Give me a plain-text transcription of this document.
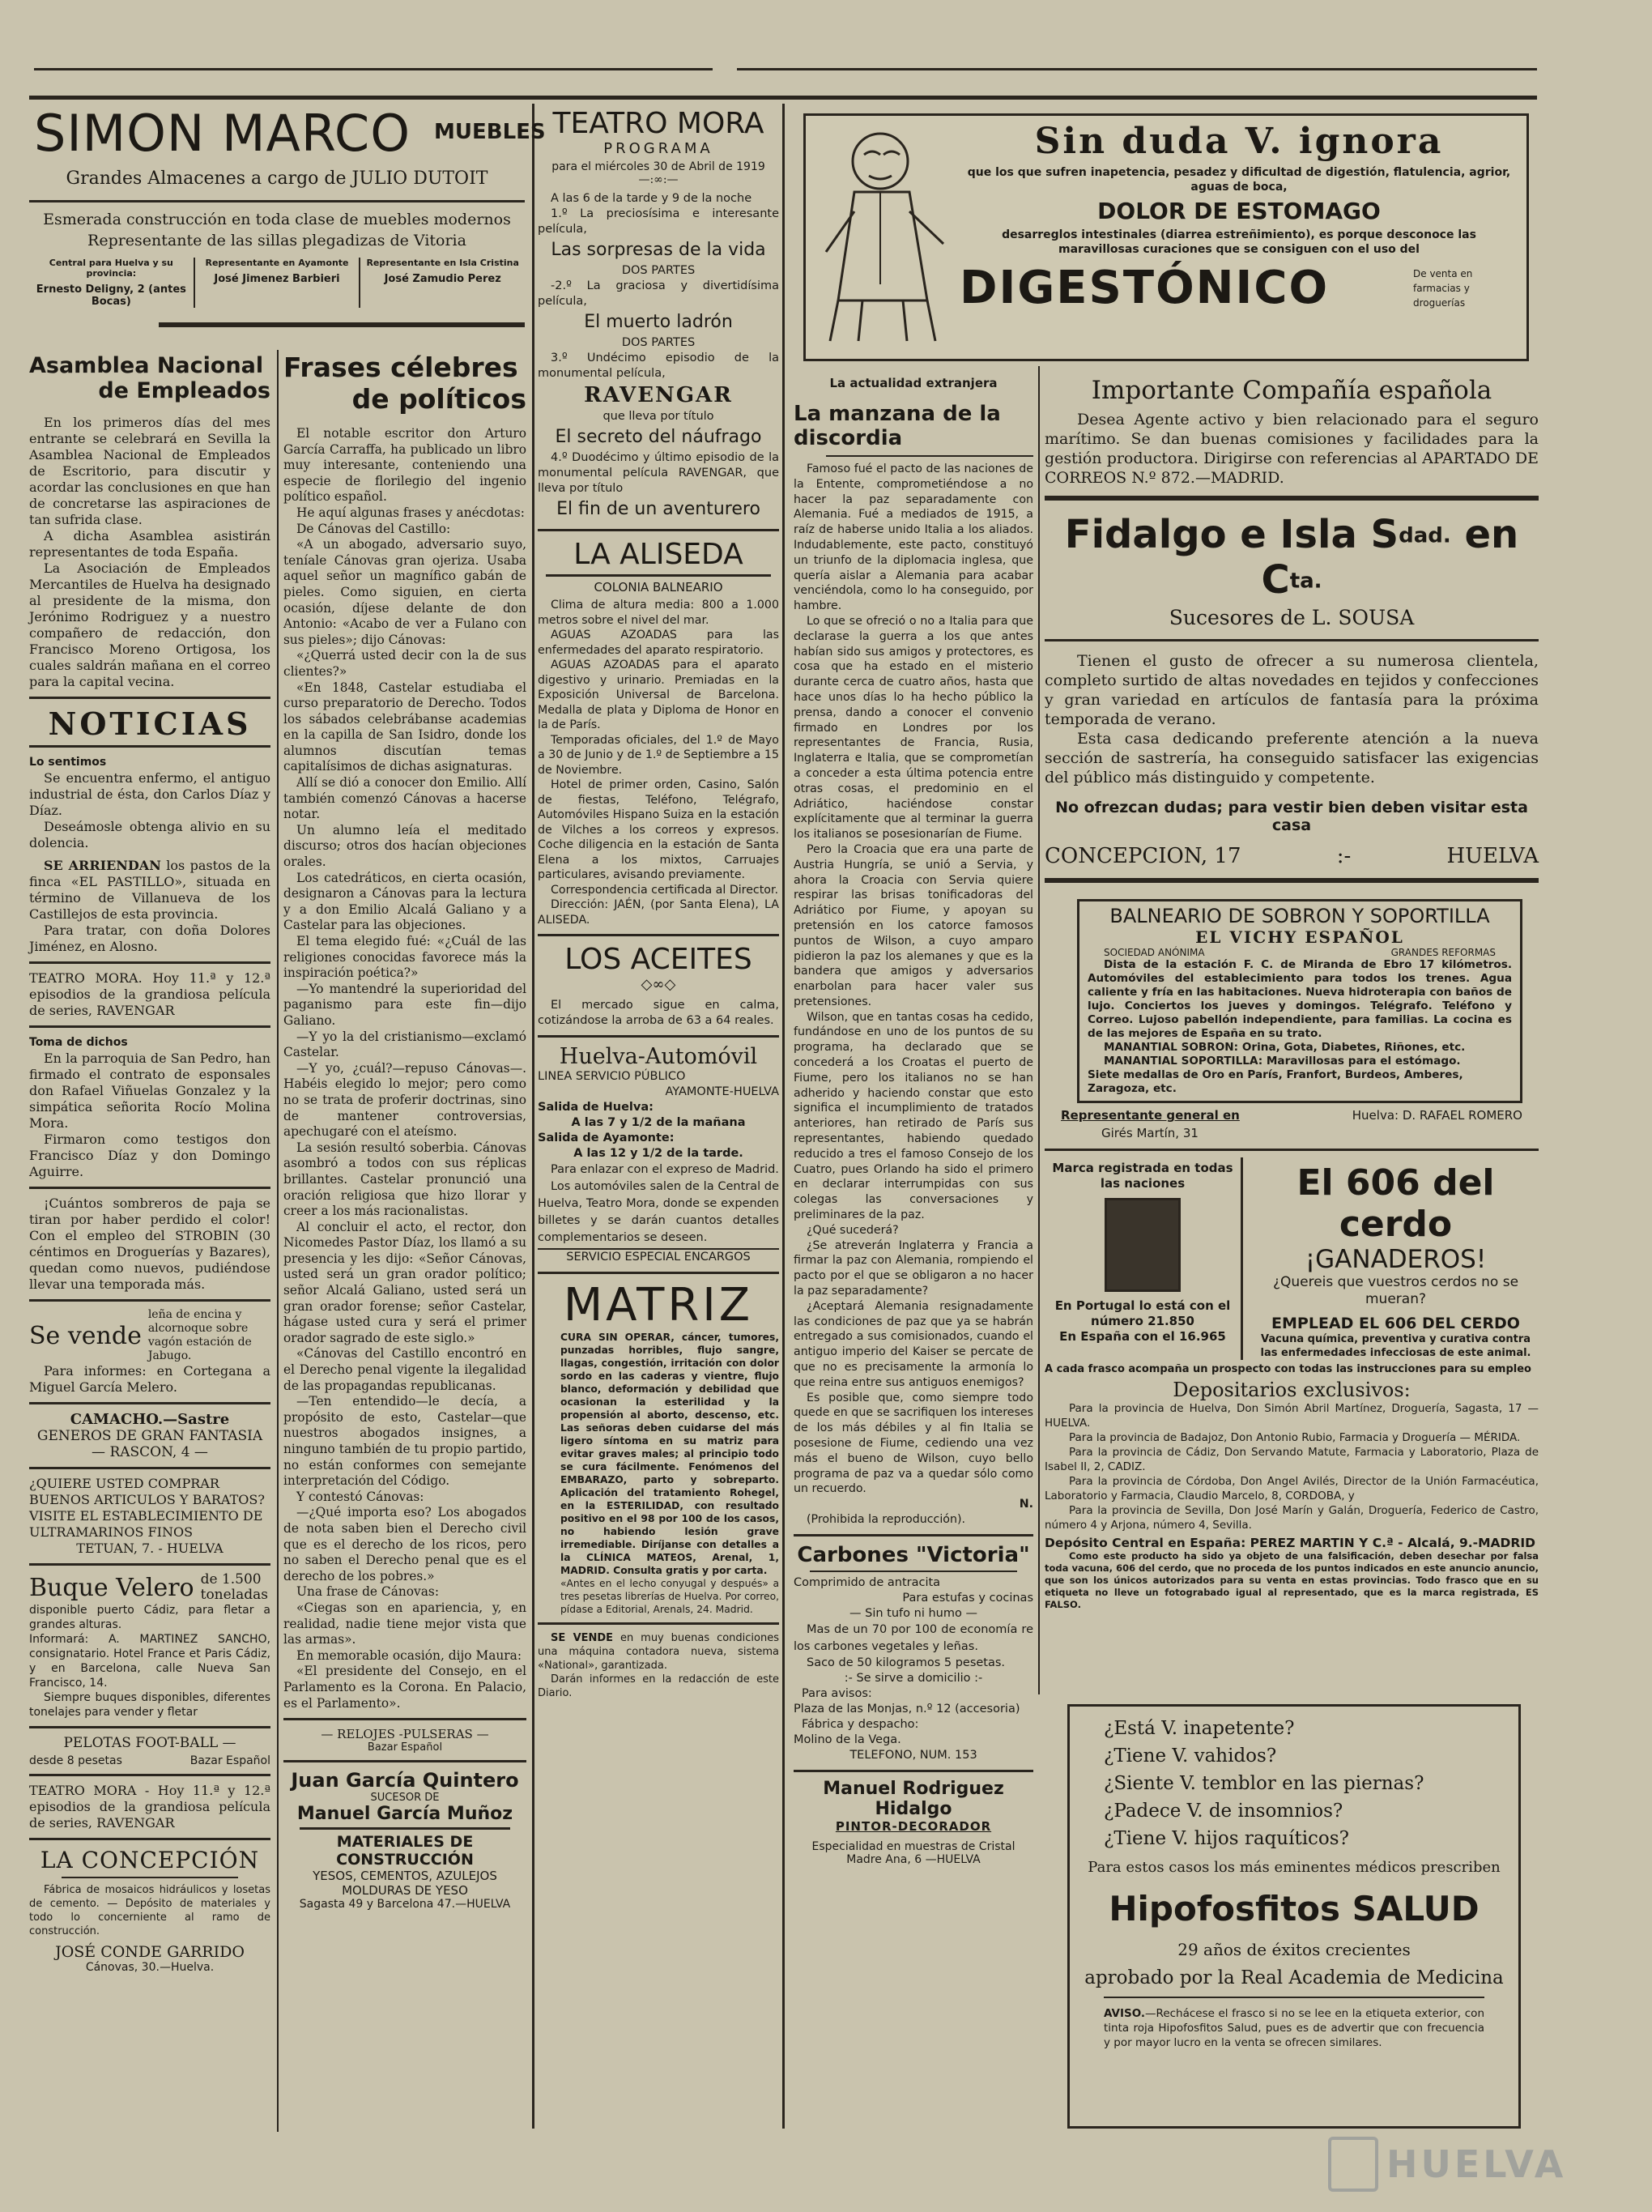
SIMON MARCO MUEBLES
Grandes Almacenes a cargo de JULIO DUTOIT
Esmerada construcción en toda clase de muebles modernos
Representante de las sillas plegadizas de Vitoria
Central para Huelva y su provincia:
Ernesto Deligny, 2 (antes Bocas)
Representante en Ayamonte
José Jimenez Barbieri
Representante en Isla Cristina
José Zamudio Perez
Asamblea Nacional
de Empleados

En los primeros días del mes entrante se celebrará en Sevilla la Asamblea Nacional de Empleados de Escritorio, para discutir y acordar las conclusiones en que han de concretarse las aspiraciones de tan sufrida clase.

A dicha Asamblea asistirán representantes de toda España.

La Asociación de Empleados Mercantiles de Huelva ha designado al presidente de la misma, don Jerónimo Rodriguez y a nuestro compañero de redacción, don Francisco Moreno Ortigosa, los cuales saldrán mañana en el correo para la capital vecina.

NOTICIAS

Lo sentimos

Se encuentra enfermo, el antiguo industrial de ésta, don Carlos Díaz y Díaz.

Deseámosle obtenga alivio en su dolencia.

SE ARRIENDAN los pastos de la finca «EL PASTILLO», situada en término de Villanueva de los Castillejos de esta provincia.

Para tratar, con doña Dolores Jiménez, en Alosno.

TEATRO MORA. Hoy 11.ª y 12.ª episodios de la grandiosa película de series, RAVENGAR

Toma de dichos

En la parroquia de San Pedro, han firmado el contrato de esponsales don Rafael Viñuelas Gonzalez y la simpática señorita Rocío Molina Mora.

Firmaron como testigos don Francisco Díaz y don Domingo Aguirre.

¡Cuántos sombreros de paja se tiran por haber perdido el color! Con el empleo del STROBIN (30 céntimos en Droguerías y Bazares), quedan como nuevos, pudiéndose llevar una temporada más.

Se vende
leña de encina y alcornoque sobre vagón estación de Jabugo.

Para informes: en Cortegana a Miguel García Melero.

CAMACHO.—Sastre
GENEROS DE GRAN FANTASIA
— RASCON, 4 —
¿QUIERE USTED COMPRAR BUENOS ARTICULOS Y BARATOS?
VISITE EL ESTABLECIMIENTO DE ULTRAMARINOS FINOS
TETUAN, 7. - HUELVA
Buque Velero de 1.500 toneladas

disponible puerto Cádiz, para fletar a grandes alturas.

Informará: A. MARTINEZ SANCHO, consignatario. Hotel France et Paris Cádiz, y en Barcelona, calle Nueva San Francisco, 14.

Siempre buques disponibles, diferentes tonelajes para vender y fletar

PELOTAS FOOT-BALL —
desde 8 pesetas	Bazar Español

TEATRO MORA - Hoy 11.ª y 12.ª episodios de la grandiosa película de series, RAVENGAR

LA CONCEPCIÓN

Fábrica de mosaicos hidráulicos y losetas de cemento. — Depósito de materiales y todo lo concerniente al ramo de construcción.

JOSÉ CONDE GARRIDO
Cánovas, 30.—Huelva.
Frases célebres
de políticos

El notable escritor don Arturo García Carraffa, ha publicado un libro muy interesante, conteniendo una especie de florilegio del ingenio político español.

He aquí algunas frases y anécdotas:

De Cánovas del Castillo:

«A un abogado, adversario suyo, teníale Cánovas gran ojeriza. Usaba aquel señor un magnífico gabán de pieles. Como siguien, en cierta ocasión, díjese delante de don Antonio: «Acabo de ver a Fulano con sus pieles»; dijo Cánovas:

«¿Querrá usted decir con la de sus clientes?»

«En 1848, Castelar estudiaba el curso preparatorio de Derecho. Todos los sábados celebrábanse academias en la capilla de San Isidro, donde los alumnos discutían temas capitalísimos de dichas asignaturas.

Allí se dió a conocer don Emilio. Allí también comenzó Cánovas a hacerse notar.

Un alumno leía el meditado discurso; otros dos hacían objeciones orales.

Los catedráticos, en cierta ocasión, designaron a Cánovas para la lectura y a don Emilio Alcalá Galiano y a Castelar para las objeciones.

El tema elegido fué: «¿Cuál de las religiones conocidas favorece más la inspiración poética?»

—Yo mantendré la superioridad del paganismo para este fin—dijo Galiano.

—Y yo la del cristianismo—exclamó Castelar.

—Y yo, ¿cuál?—repuso Cánovas—. Habéis elegido lo mejor; pero como no se trata de proferir doctrinas, sino de mantener controversias, apechugaré con el ateísmo.

La sesión resultó soberbia. Cánovas asombró a todos con sus réplicas brillantes. Castelar pronunció una oración religiosa que hizo llorar y creer a los más racionalistas.

Al concluir el acto, el rector, don Nicomedes Pastor Díaz, los llamó a su presencia y les dijo: «Señor Cánovas, usted será un gran orador político; señor Alcalá Galiano, usted será un gran orador forense; señor Castelar, hágase usted cura y será el primer orador sagrado de este siglo.»

«Cánovas del Castillo encontró en el Derecho penal vigente la ilegalidad de las propagandas republicanas.

—Ten entendido—le decía, a propósito de esto, Castelar—que nuestros abogados insignes, a ninguno también de tu propio partido, no están conformes con semejante interpretación del Código.

Y contestó Cánovas:

—¿Qué importa eso? Los abogados de nota saben bien el Derecho civil que es el derecho de los ricos, pero no saben el Derecho penal que es el derecho de los pobres.»

Una frase de Cánovas:

«Ciegas son en apariencia, y, en realidad, nadie tiene mejor vista que las armas».

En memorable ocasión, dijo Maura:

«El presidente del Consejo, en el Parlamento es la Corona. En Palacio, es el Parlamento».

— RELOJES -PULSERAS —
Bazar Español
Juan García Quintero
SUCESOR DE
Manuel García Muñoz
MATERIALES DE CONSTRUCCIÓN
YESOS, CEMENTOS, AZULEJOS
MOLDURAS DE YESO
Sagasta 49 y Barcelona 47.—HUELVA
TEATRO MORA
PROGRAMA
para el miércoles 30 de Abril de 1919
—:∞:—

A las 6 de la tarde y 9 de la noche

1.º La preciosísima e interesante película,

Las sorpresas de la vida

DOS PARTES

-2.º La graciosa y divertidísima película,

El muerto ladrón

DOS PARTES

3.º Undécimo episodio de la monumental película,

RAVENGAR

que lleva por título

El secreto del náufrago

4.º Duodécimo y último episodio de la monumental película RAVENGAR, que lleva por título

El fin de un aventurero

LA ALISEDA
COLONIA BALNEARIO

Clima de altura media: 800 a 1.000 metros sobre el nivel del mar.

AGUAS AZOADAS para las enfermedades del aparato respiratorio.

AGUAS AZOADAS para el aparato digestivo y urinario. Premiadas en la Exposición Universal de Barcelona. Medalla de plata y Diploma de Honor en la de París.

Temporadas oficiales, del 1.º de Mayo a 30 de Junio y de 1.º de Septiembre a 15 de Noviembre.

Hotel de primer orden, Casino, Salón de fiestas, Teléfono, Telégrafo, Automóviles Hispano Suiza en la estación de Vilches a los correos y expresos. Coche diligencia en la estación de Santa Elena a los mixtos, Carruajes particulares, avisando previamente.

Correspondencia certificada al Director.

Dirección: JAÉN, (por Santa Elena), LA ALISEDA.

LOS ACEITES
◇∞◇

El mercado sigue en calma, cotizándose la arroba de 63 a 64 reales.

Huelva-Automóvil
LINEA SERVICIO PÚBLICO
AYAMONTE-HUELVA
Salida de Huelva:
A las 7 y 1/2 de la mañana
Salida de Ayamonte:
A las 12 y 1/2 de la tarde.

Para enlazar con el expreso de Madrid.

Los automóviles salen de la Central de Huelva, Teatro Mora, donde se expenden billetes y se darán cuantos detalles complementarios se deseen.

SERVICIO ESPECIAL ENCARGOS
MATRIZ

CURA SIN OPERAR, cáncer, tumores, punzadas horribles, flujo sangre, llagas, congestión, irritación con dolor sordo en las caderas y vientre, flujo blanco, deformación y debilidad que ocasionan la esterilidad y la propensión al aborto, descenso, etc. Las señoras deben cuidarse del más ligero síntoma en su matriz para evitar graves males; al principio todo se cura fácilmente. Fenómenos del EMBARAZO, parto y sobreparto. Aplicación del tratamiento Rohegel, en la ESTERILIDAD, con resultado positivo en el 98 por 100 de los casos, no habiendo lesión grave irremediable. Diríjanse con detalles a la CLÍNICA MATEOS, Arenal, 1, MADRID. Consulta gratis y por carta.

«Antes en el lecho conyugal y después» a tres pesetas librerías de Huelva. Por correo, pídase a Editorial, Arenals, 24. Madrid.

SE VENDE en muy buenas condiciones una máquina contadora nueva, sistema «National», garantizada.

Darán informes en la redacción de este Diario.

Sin duda V. ignora
que los que sufren inapetencia, pesadez y dificultad de digestión, flatulencia, agrior, aguas de boca,
DOLOR DE ESTOMAGO
desarreglos intestinales (diarrea estreñimiento), es porque desconoce las maravillosas curaciones que se consiguen con el uso del
DIGESTÓNICO	De venta en farmacias y droguerías
La actualidad extranjera
La manzana de la discordia

Famoso fué el pacto de las naciones de la Entente, comprometiéndose a no hacer la paz separadamente con Alemania. Fué a mediados de 1915, a raíz de haberse unido Italia a los aliados. Indudablemente, este pacto, constituyó un triunfo de la diplomacia inglesa, que quería aislar a Alemania para acabar venciéndola, como lo ha conseguido, por hambre.

Lo que se ofreció o no a Italia para que declarase la guerra a los que antes habían sido sus amigos y protectores, es cosa que ha estado en el misterio durante cerca de cuatro años, hasta que hace unos días lo ha hecho público la prensa, dando a conocer el convenio firmado en Londres por los representantes de Francia, Rusia, Inglaterra e Italia, que se comprometían a conceder a esta última potencia entre otras cosas, el predominio en el Adriático, haciéndose constar explícitamente que al terminar la guerra los italianos se posesionarían de Fiume.

Pero la Croacia que era una parte de Austria Hungría, se unió a Servia, y ahora la Croacia con Servia quiere respirar las brisas tonificadoras del Adriático por Fiume, y apoyan su pretensión en los catorce famosos puntos de Wilson, a cuyo amparo pidieron la paz los alemanes y que es la bandera que amigos y adversarios enarbolan para hacer valer sus pretensiones.

Wilson, que en tantas cosas ha cedido, fundándose en uno de los puntos de su programa, ha declarado que se concederá a los Croatas el puerto de Fiume, pero los italianos no se han adherido y haciendo constar que esto significa el incumplimiento de tratados anteriores, han retirado de París sus representantes, habiendo quedado reducido a tres el famoso Consejo de los Cuatro, pues Orlando ha sido el primero en declarar interrumpidas con sus colegas las conversaciones y preliminares de la paz.

¿Qué sucederá?

¿Se atreverán Inglaterra y Francia a firmar la paz con Alemania, rompiendo el pacto por el que se obligaron a no hacer la paz separadamente?

¿Aceptará Alemania resignadamente las condiciones de paz que ya se habrán entregado a sus comisionados, cuando el antiguo imperio del Kaiser se percate de que no es precisamente la armonía lo que reina entre sus antiguos enemigos?

Es posible que, como siempre todo quede en que se sacrifiquen los intereses de los más débiles y al fin Italia se posesione de Fiume, cediendo una vez más el bueno de Wilson, cuyo bello programa de paz va a quedar sólo como un recuerdo.

N.

(Prohibida la reproducción).

Carbones "Victoria"
Comprimido de antracita
Para estufas y cocinas
— Sin tufo ni humo —

Mas de un 70 por 100 de economía re los carbones vegetales y leñas.

Saco de 50 kilogramos 5 pesetas.

:- Se sirve a domicilio :-
Para avisos:
Plaza de las Monjas, n.º 12 (accesoria)
Fábrica y despacho:
Molino de la Vega.
TELEFONO, NUM. 153
Manuel Rodriguez Hidalgo
PINTOR-DECORADOR
Especialidad en muestras de Cristal
Madre Ana, 6 —HUELVA
Importante Compañía española

Desea Agente activo y bien relacionado para el seguro marítimo. Se dan buenas comisiones y facilidades para la gestión productora. Dirigirse con referencias al APARTADO DE CORREOS N.º 872.—MADRID.

Fidalgo e Isla $S^{dad.}$ en $C^{ta.}$
Sucesores de L. SOUSA

Tienen el gusto de ofrecer a su numerosa clientela, completo surtido de altas novedades en tejidos y confecciones y gran variedad en artículos de fantasía para la próxima temporada de verano.

Esta casa dedicando preferente atención a la nueva sección de sastrería, ha conseguido satisfacer las exigencias del público más distinguido y competente.

No ofrezcan dudas; para vestir bien deben visitar esta casa
CONCEPCION, 17	:-	HUELVA
BALNEARIO DE SOBRON Y SOPORTILLA
EL VICHY ESPAÑOL
SOCIEDAD ANÓNIMA	GRANDES REFORMAS

Dista de la estación F. C. de Miranda de Ebro 17 kilómetros. Automóviles del establecimiento para todos los trenes. Agua caliente y fría en las habitaciones. Nueva hidroterapia con baños de lujo. Conciertos los jueves y domingos. Telégrafo. Teléfono y Correo. Lujoso pabellón independiente, para familias. La cocina es de las mejores de España en su trato.

MANANTIAL SOBRON: Orina, Gota, Diabetes, Riñones, etc.
MANANTIAL SOPORTILLA: Maravillosas para el estómago.
Siete medallas de Oro en París, Franfort, Burdeos, Amberes, Zaragoza, etc.
Representante general en	Huelva: D. RAFAEL ROMERO
Girés Martín, 31
Marca registrada en todas las naciones
En Portugal lo está con el número 21.850
En España con el 16.965
El 606 del cerdo
¡GANADEROS!
¿Quereis que vuestros cerdos no se mueran?
EMPLEAD EL 606 DEL CERDO
Vacuna química, preventiva y curativa contra las enfermedades infecciosas de este animal.
A cada frasco acompaña un prospecto con todas las instrucciones para su empleo
Depositarios exclusivos:

Para la provincia de Huelva, Don Simón Abril Martínez, Droguería, Sagasta, 17 —HUELVA.

Para la provincia de Badajoz, Don Antonio Rubio, Farmacia y Droguería — MÉRIDA.

Para la provincia de Cádiz, Don Servando Matute, Farmacia y Laboratorio, Plaza de Isabel II, 2, CADIZ.

Para la provincia de Córdoba, Don Angel Avilés, Director de la Unión Farmacéutica, Laboratorio y Farmacia, Claudio Marcelo, 8, CORDOBA, y

Para la provincia de Sevilla, Don José Marín y Galán, Droguería, Federico de Castro, número 4 y Arjona, número 4, Sevilla.

Depósito Central en España: PEREZ MARTIN Y C.ª - Alcalá, 9.-MADRID

Como este producto ha sido ya objeto de una falsificación, deben desechar por falsa toda vacuna, 606 del cerdo, que no proceda de los puntos indicados en este anuncio anuncio, que son los únicos autorizados para su venta en estas provincias. Todo frasco que en su etiqueta no lleve un fotograbado igual al representado, que es la marca registrada, ES FALSO.

¿Está V. inapetente?
¿Tiene V. vahidos?
¿Siente V. temblor en las piernas?
¿Padece V. de insomnios?
¿Tiene V. hijos raquíticos?
Para estos casos los más eminentes médicos prescriben
Hipofosfitos SALUD
29 años de éxitos crecientes
aprobado por la Real Academia de Medicina

AVISO.—Rechácese el frasco si no se lee en la etiqueta exterior, con tinta roja Hipofosfitos Salud, pues es de advertir que con frecuencia y por mayor lucro en la venta se ofrecen similares.

HUELVA
